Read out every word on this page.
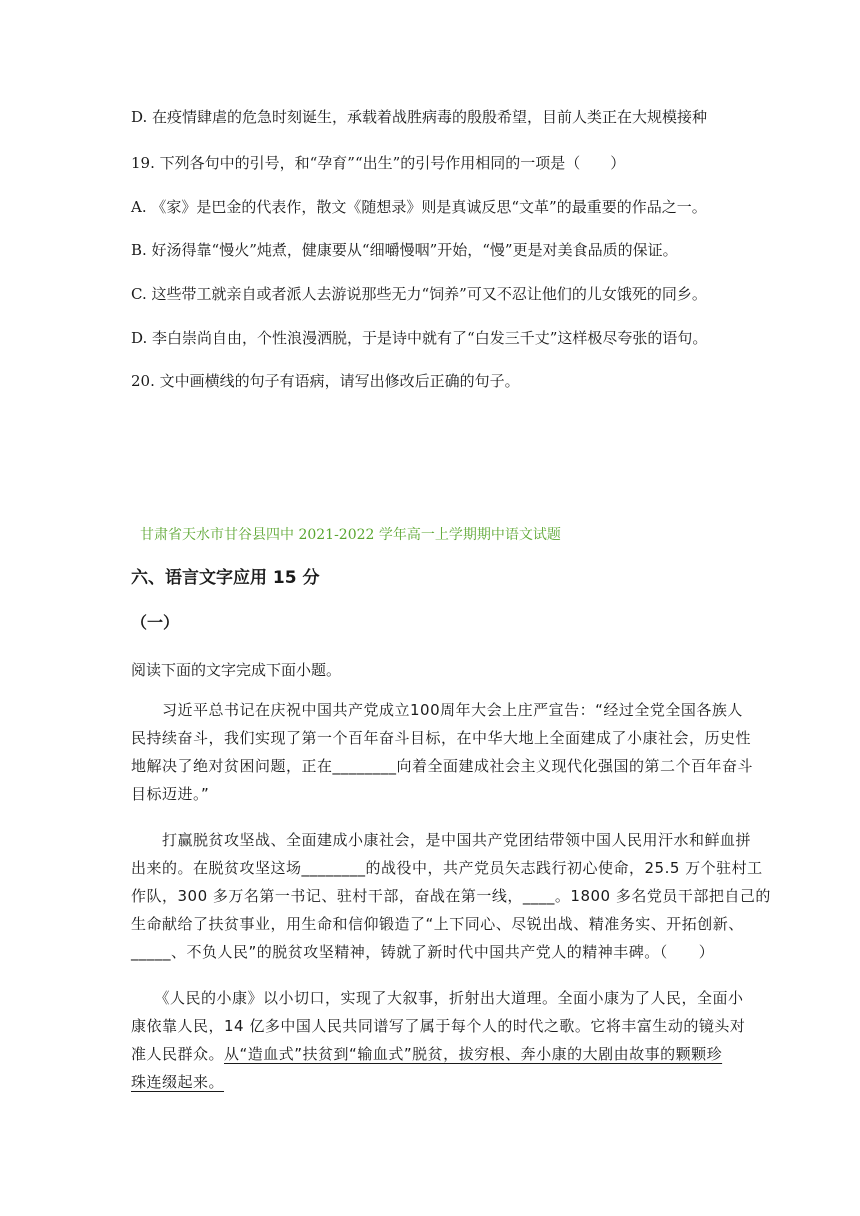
D. 在疫情肆虐的危急时刻诞生，承载着战胜病毒的殷殷希望，目前人类正在大规模接种
19. 下列各句中的引号，和“孕育”“出生”的引号作用相同的一项是（　　）
A. 《家》是巴金的代表作，散文《随想录》则是真诚反思“文革”的最重要的作品之一。
B. 好汤得靠“慢火”炖煮，健康要从“细嚼慢咽”开始，“慢”更是对美食品质的保证。
C. 这些带工就亲自或者派人去游说那些无力“饲养”可又不忍让他们的儿女饿死的同乡。
D. 李白崇尚自由，个性浪漫洒脱，于是诗中就有了“白发三千丈”这样极尽夸张的语句。
20. 文中画横线的句子有语病，请写出修改后正确的句子。
甘肃省天水市甘谷县四中 2021-2022 学年高一上学期期中语文试题
六、语言文字应用 15 分
（一）
阅读下面的文字完成下面小题。
　　习近平总书记在庆祝中国共产党成立100周年大会上庄严宣告：“经过全党全国各族人
民持续奋斗，我们实现了第一个百年奋斗目标，在中华大地上全面建成了小康社会，历史性
地解决了绝对贫困问题，正在________向着全面建成社会主义现代化强国的第二个百年奋斗
目标迈进。”
　　打赢脱贫攻坚战、全面建成小康社会，是中国共产党团结带领中国人民用汗水和鲜血拼
出来的。在脱贫攻坚这场________的战役中，共产党员矢志践行初心使命，25.5 万个驻村工
作队，300 多万名第一书记、驻村干部，奋战在第一线，____。1800 多名党员干部把自己的
生命献给了扶贫事业，用生命和信仰锻造了“上下同心、尽锐出战、精准务实、开拓创新、
_____、不负人民”的脱贫攻坚精神，铸就了新时代中国共产党人的精神丰碑。（　　）
　　《人民的小康》以小切口，实现了大叙事，折射出大道理。全面小康为了人民，全面小
康依靠人民，14 亿多中国人民共同谱写了属于每个人的时代之歌。它将丰富生动的镜头对
准人民群众。从“造血式”扶贫到“输血式”脱贫，拔穷根、奔小康的大剧由故事的颗颗珍
珠连缀起来。
